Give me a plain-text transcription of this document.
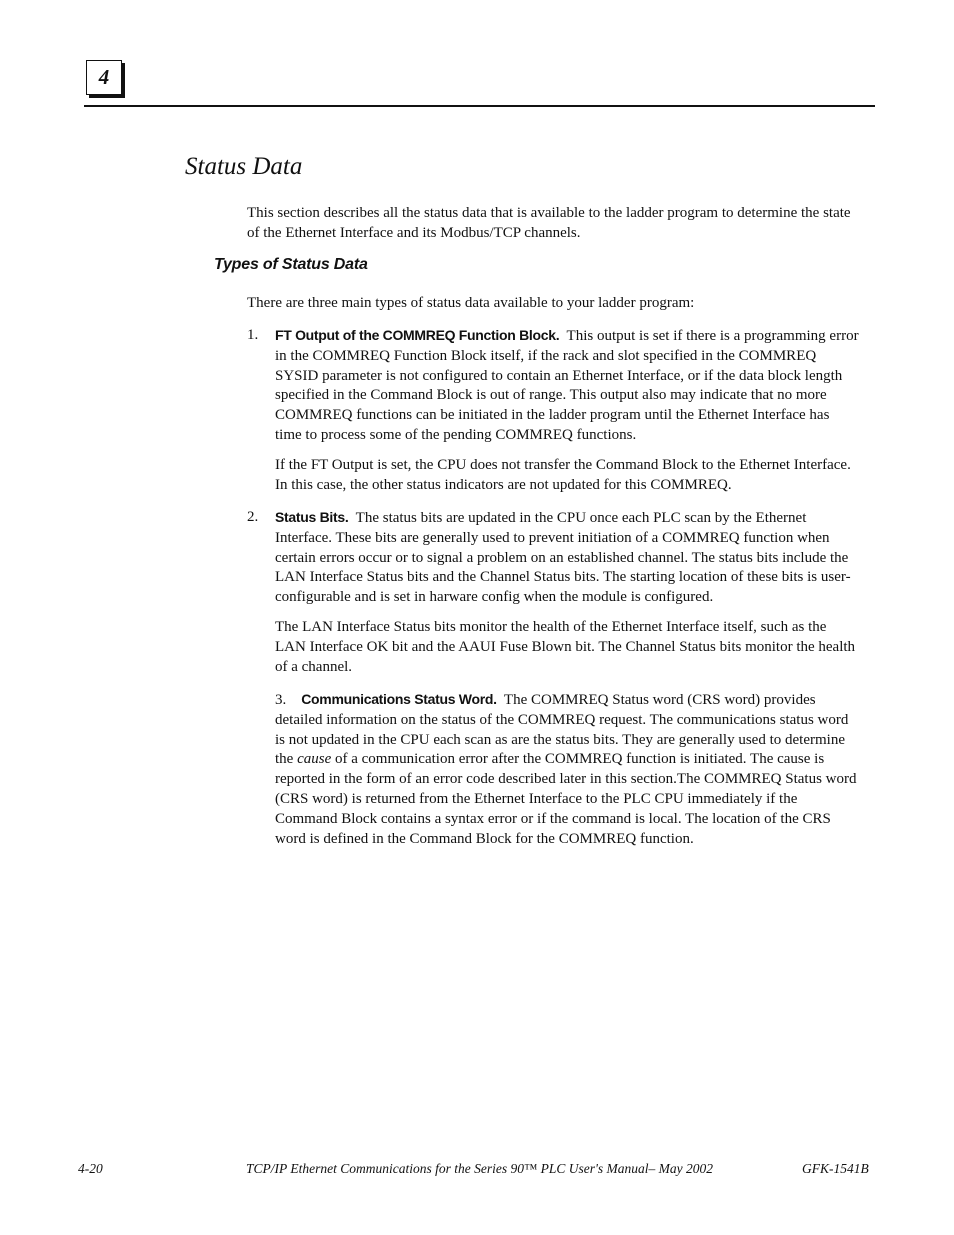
4
Status Data

This section describes all the status data that is available to the ladder program to determine the state of the Ethernet Interface and its Modbus/TCP channels.

Types of Status Data

There are three main types of status data available to your ladder program:

1. FT Output of the COMMREQ Function Block. This output is set if there is a programming error in the COMMREQ Function Block itself, if the rack and slot specified in the COMMREQ SYSID parameter is not configured to contain an Ethernet Interface, or if the data block length specified in the Command Block is out of range. This output also may indicate that no more COMMREQ functions can be initiated in the ladder program until the Ethernet Interface has time to process some of the pending COMMREQ functions.

If the FT Output is set, the CPU does not transfer the Command Block to the Ethernet Interface. In this case, the other status indicators are not updated for this COMMREQ.

2. Status Bits. The status bits are updated in the CPU once each PLC scan by the Ethernet Interface. These bits are generally used to prevent initiation of a COMMREQ function when certain errors occur or to signal a problem on an established channel. The status bits include the LAN Interface Status bits and the Channel Status bits. The starting location of these bits is user-configurable and is set in harware config when the module is configured.

The LAN Interface Status bits monitor the health of the Ethernet Interface itself, such as the LAN Interface OK bit and the AAUI Fuse Blown bit. The Channel Status bits monitor the health of a channel.

3. Communications Status Word. The COMMREQ Status word (CRS word) provides detailed information on the status of the COMMREQ request. The communications status word is not updated in the CPU each scan as are the status bits. They are generally used to determine the cause of a communication error after the COMMREQ function is initiated. The cause is reported in the form of an error code described later in this section.The COMMREQ Status word (CRS word) is returned from the Ethernet Interface to the PLC CPU immediately if the Command Block contains a syntax error or if the command is local. The location of the CRS word is defined in the Command Block for the COMMREQ function.

4-20	TCP/IP Ethernet Communications for the Series 90™ PLC User's Manual– May 2002	GFK-1541B
